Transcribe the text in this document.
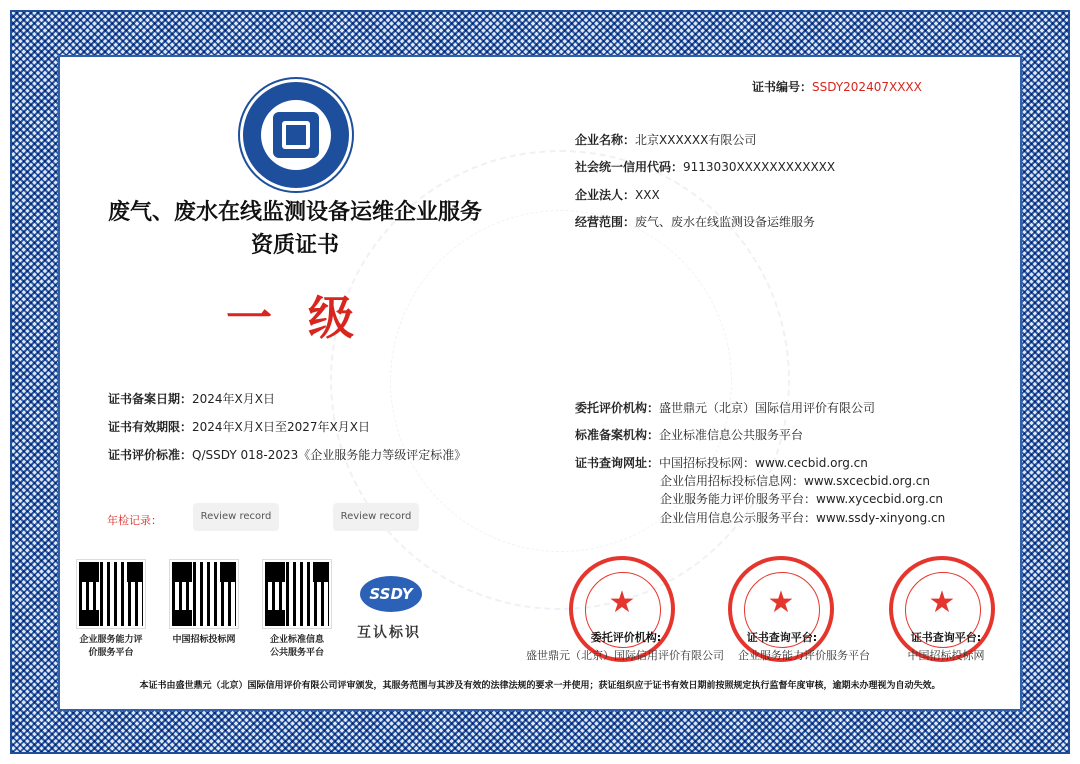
证书编号：SSDY202407XXXX
废气、废水在线监测设备运维企业服务
资质证书
一 级
企业名称：北京XXXXXX有限公司
社会统一信用代码：9113030XXXXXXXXXXXX
企业法人：XXX
经营范围：废气、废水在线监测设备运维服务
证书备案日期：2024年X月X日
证书有效期限：2024年X月X日至2027年X月X日
证书评价标准：Q/SSDY 018-2023《企业服务能力等级评定标准》
委托评价机构：盛世鼎元（北京）国际信用评价有限公司
标准备案机构：企业标准信息公共服务平台
证书查询网址：中国招标投标网：www.cecbid.org.cn
企业信用招标投标信息网：www.sxcecbid.org.cn
企业服务能力评价服务平台：www.xycecbid.org.cn
企业信用信息公示服务平台：www.ssdy-xinyong.cn
年检记录：	Review record	Review record
企业服务能力评
价服务平台
中国招标投标网	企业标准信息
公共服务平台
SSDY
互认标识
★	★	★
委托评价机构:	证书查询平台:	证书查询平台:
盛世鼎元（北京）国际信用评价有限公司	企业服务能力评价服务平台	中国招标投标网
本证书由盛世鼎元（北京）国际信用评价有限公司评审颁发，其服务范围与其涉及有效的法律法规的要求一并使用；获证组织应于证书有效日期前按照规定执行监督年度审核，逾期未办理视为自动失效。
